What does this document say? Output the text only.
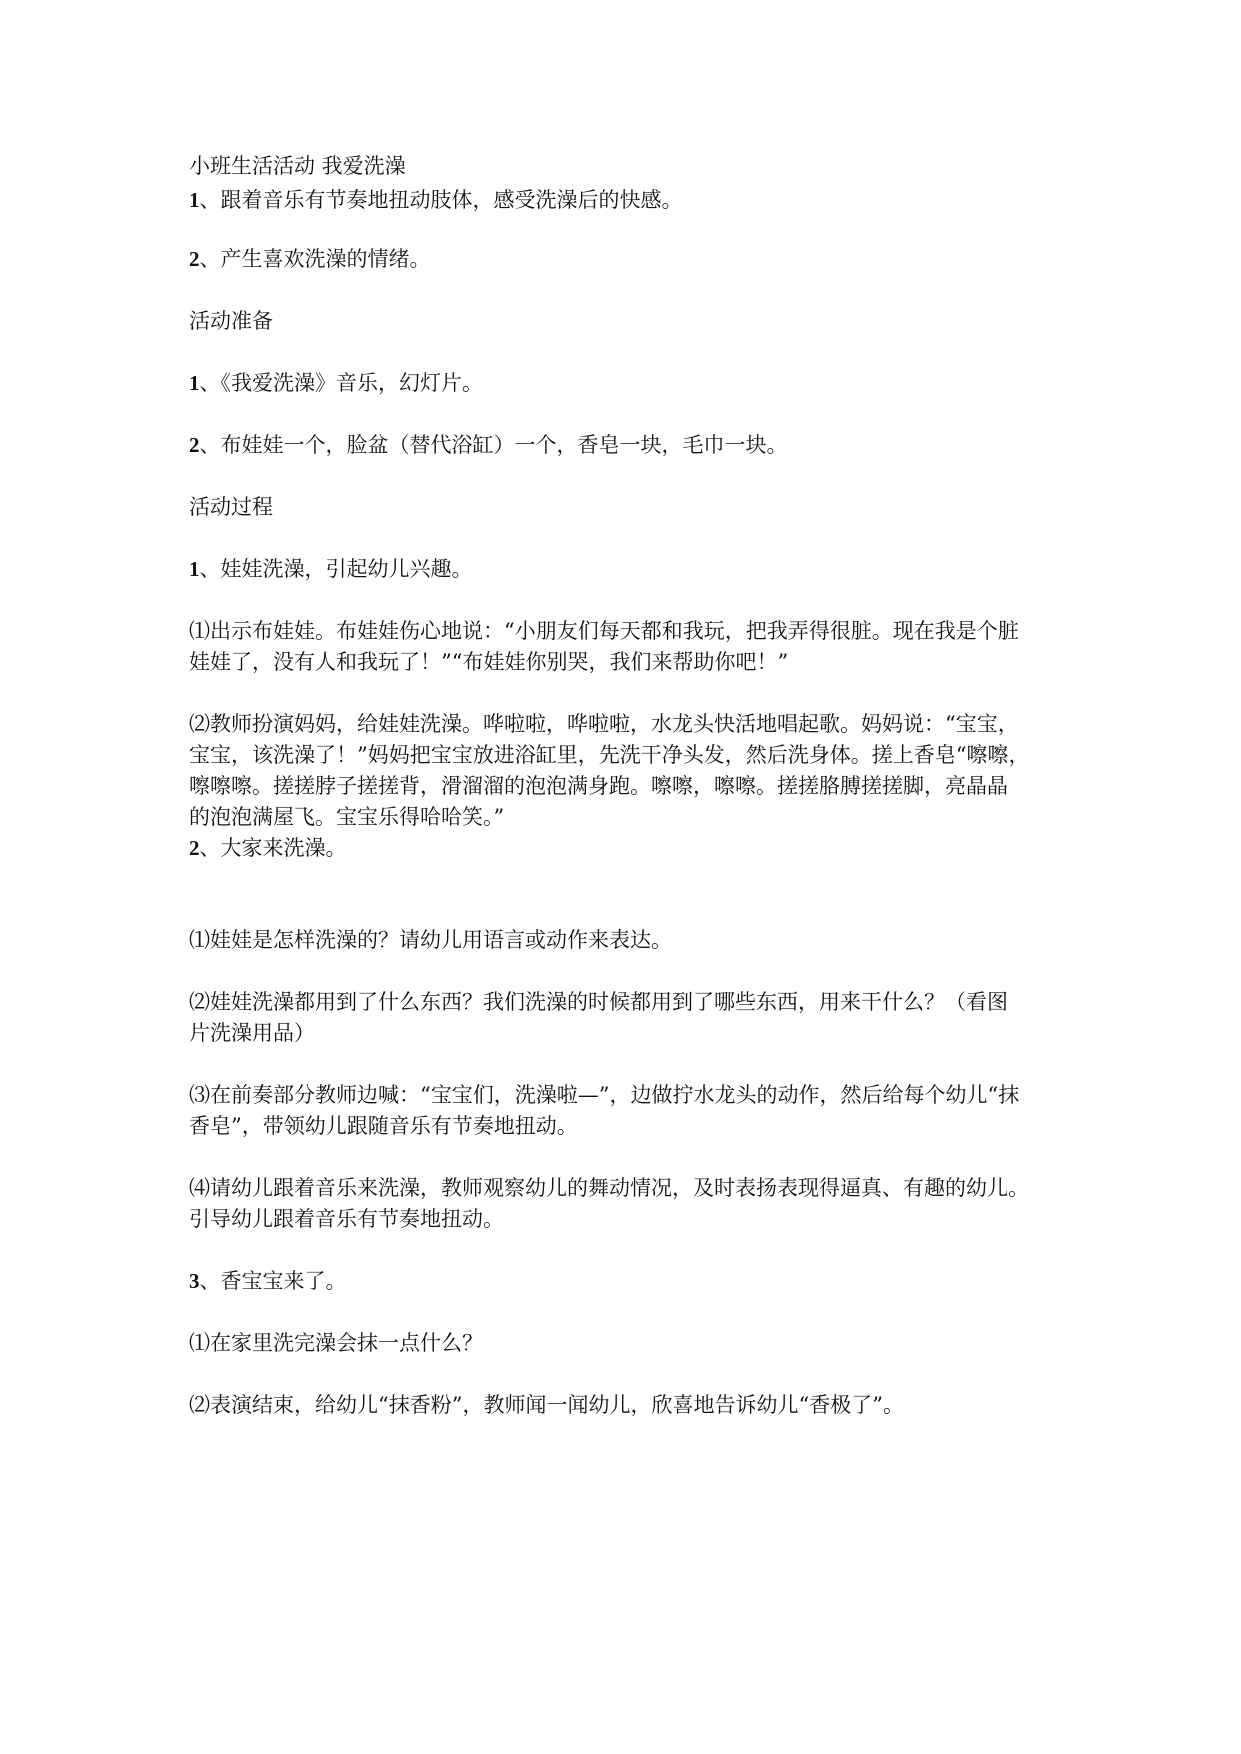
小班生活活动 我爱洗澡

1、跟着音乐有节奏地扭动肢体，感受洗澡后的快感。

2、产生喜欢洗澡的情绪。

活动准备

1、《我爱洗澡》音乐，幻灯片。

2、布娃娃一个，脸盆（替代浴缸）一个，香皂一块，毛巾一块。

活动过程

1、娃娃洗澡，引起幼儿兴趣。

⑴出示布娃娃。布娃娃伤心地说：“小朋友们每天都和我玩，把我弄得很脏。现在我是个脏

娃娃了，没有人和我玩了！”“布娃娃你别哭，我们来帮助你吧！”

⑵教师扮演妈妈，给娃娃洗澡。哗啦啦，哗啦啦，水龙头快活地唱起歌。妈妈说：“宝宝，

宝宝，该洗澡了！”妈妈把宝宝放进浴缸里，先洗干净头发，然后洗身体。搓上香皂“嚓嚓，

嚓嚓嚓。搓搓脖子搓搓背，滑溜溜的泡泡满身跑。嚓嚓，嚓嚓。搓搓胳膊搓搓脚，亮晶晶

的泡泡满屋飞。宝宝乐得哈哈笑。”

2、大家来洗澡。

⑴娃娃是怎样洗澡的？请幼儿用语言或动作来表达。

⑵娃娃洗澡都用到了什么东西？我们洗澡的时候都用到了哪些东西，用来干什么？（看图

片洗澡用品）

⑶在前奏部分教师边喊：“宝宝们，洗澡啦—”，边做拧水龙头的动作，然后给每个幼儿“抹

香皂”，带领幼儿跟随音乐有节奏地扭动。

⑷请幼儿跟着音乐来洗澡，教师观察幼儿的舞动情况，及时表扬表现得逼真、有趣的幼儿。

引导幼儿跟着音乐有节奏地扭动。

3、香宝宝来了。

⑴在家里洗完澡会抹一点什么？

⑵表演结束，给幼儿“抹香粉”，教师闻一闻幼儿，欣喜地告诉幼儿“香极了”。
